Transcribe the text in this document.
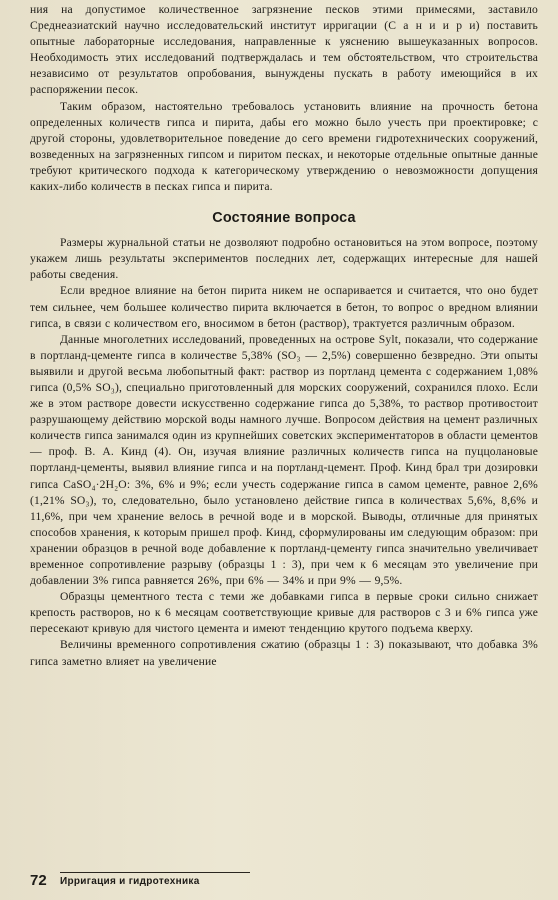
ния на допустимое количественное загрязнение песков этими примесями, заставило Среднеазиатский научно исследовательский институт ирригации (С а н и и р и) поставить опытные лабораторные исследования, направленные к уяснению вышеуказанных вопросов. Необходимость этих исследований подтверждалась и тем обстоятельством, что строительства независимо от результатов опробования, вынуждены пускать в работу имеющийся в их распоряжении песок.

Таким образом, настоятельно требовалось установить влияние на прочность бетона определенных количеств гипса и пирита, дабы его можно было учесть при проектировке; с другой стороны, удовлетворительное поведение до сего времени гидротехнических сооружений, возведенных на загрязненных гипсом и пиритом песках, и некоторые отдельные опытные данные требуют критического подхода к категорическому утверждению о невозможности допущения каких-либо количеств в песках гипса и пирита.

Состояние вопроса

Размеры журнальной статьи не дозволяют подробно остановиться на этом вопросе, поэтому укажем лишь результаты экспериментов последних лет, содержащих интересные для нашей работы сведения.

Если вредное влияние на бетон пирита никем не оспаривается и считается, что оно будет тем сильнее, чем большее количество пирита включается в бетон, то вопрос о вредном влиянии гипса, в связи с количеством его, вносимом в бетон (раствор), трактуется различным образом.

Данные многолетних исследований, проведенных на острове Sylt, показали, что содержание в портланд-цементе гипса в количестве 5,38% (SO₃ — 2,5%) совершенно безвредно. Эти опыты выявили и другой весьма любопытный факт: раствор из портланд цемента с содержанием 1,08% гипса (0,5% SO₃), специально приготовленный для морских сооружений, сохранился плохо. Если же в этом растворе довести искусственно содержание гипса до 5,38%, то раствор противостоит разрушающему действию морской воды намного лучше. Вопросом действия на цемент различных количеств гипса занимался один из крупнейших советских экспериментаторов в области цементов— проф. В. А. Кинд (4). Он, изучая влияние различных количеств гипса на пуццолановые портланд-цементы, выявил влияние гипса и на портланд-цемент. Проф. Кинд брал три дозировки гипса CaSO₄·2H₂O: 3%, 6% и 9%; если учесть содержание гипса в самом цементе, равное 2,6% (1,21% SO₃), то, следовательно, было установлено действие гипса в количествах 5,6%, 8,6% и 11,6%, при чем хранение велось в речной воде и в морской. Выводы, отличные для принятых способов хранения, к которым пришел проф. Кинд, сформулированы им следующим образом: при хранении образцов в речной воде добавление к портланд-цементу гипса значительно увеличивает временное сопротивление разрыву (образцы 1 : 3), при чем к 6 месяцам это увеличение при добавлении 3% гипса равняется 26%, при 6% — 34% и при 9% — 9,5%.

Образцы цементного теста с теми же добавками гипса в первые сроки сильно снижает крепость растворов, но к 6 месяцам соответствующие кривые для растворов с 3 и 6% гипса уже пересекают кривую для чистого цемента и имеют тенденцию крутого подъема кверху.

Величины временного сопротивления сжатию (образцы 1 : 3) показывают, что добавка 3% гипса заметно влияет на увеличение

72 Ирригация и гидротехника
